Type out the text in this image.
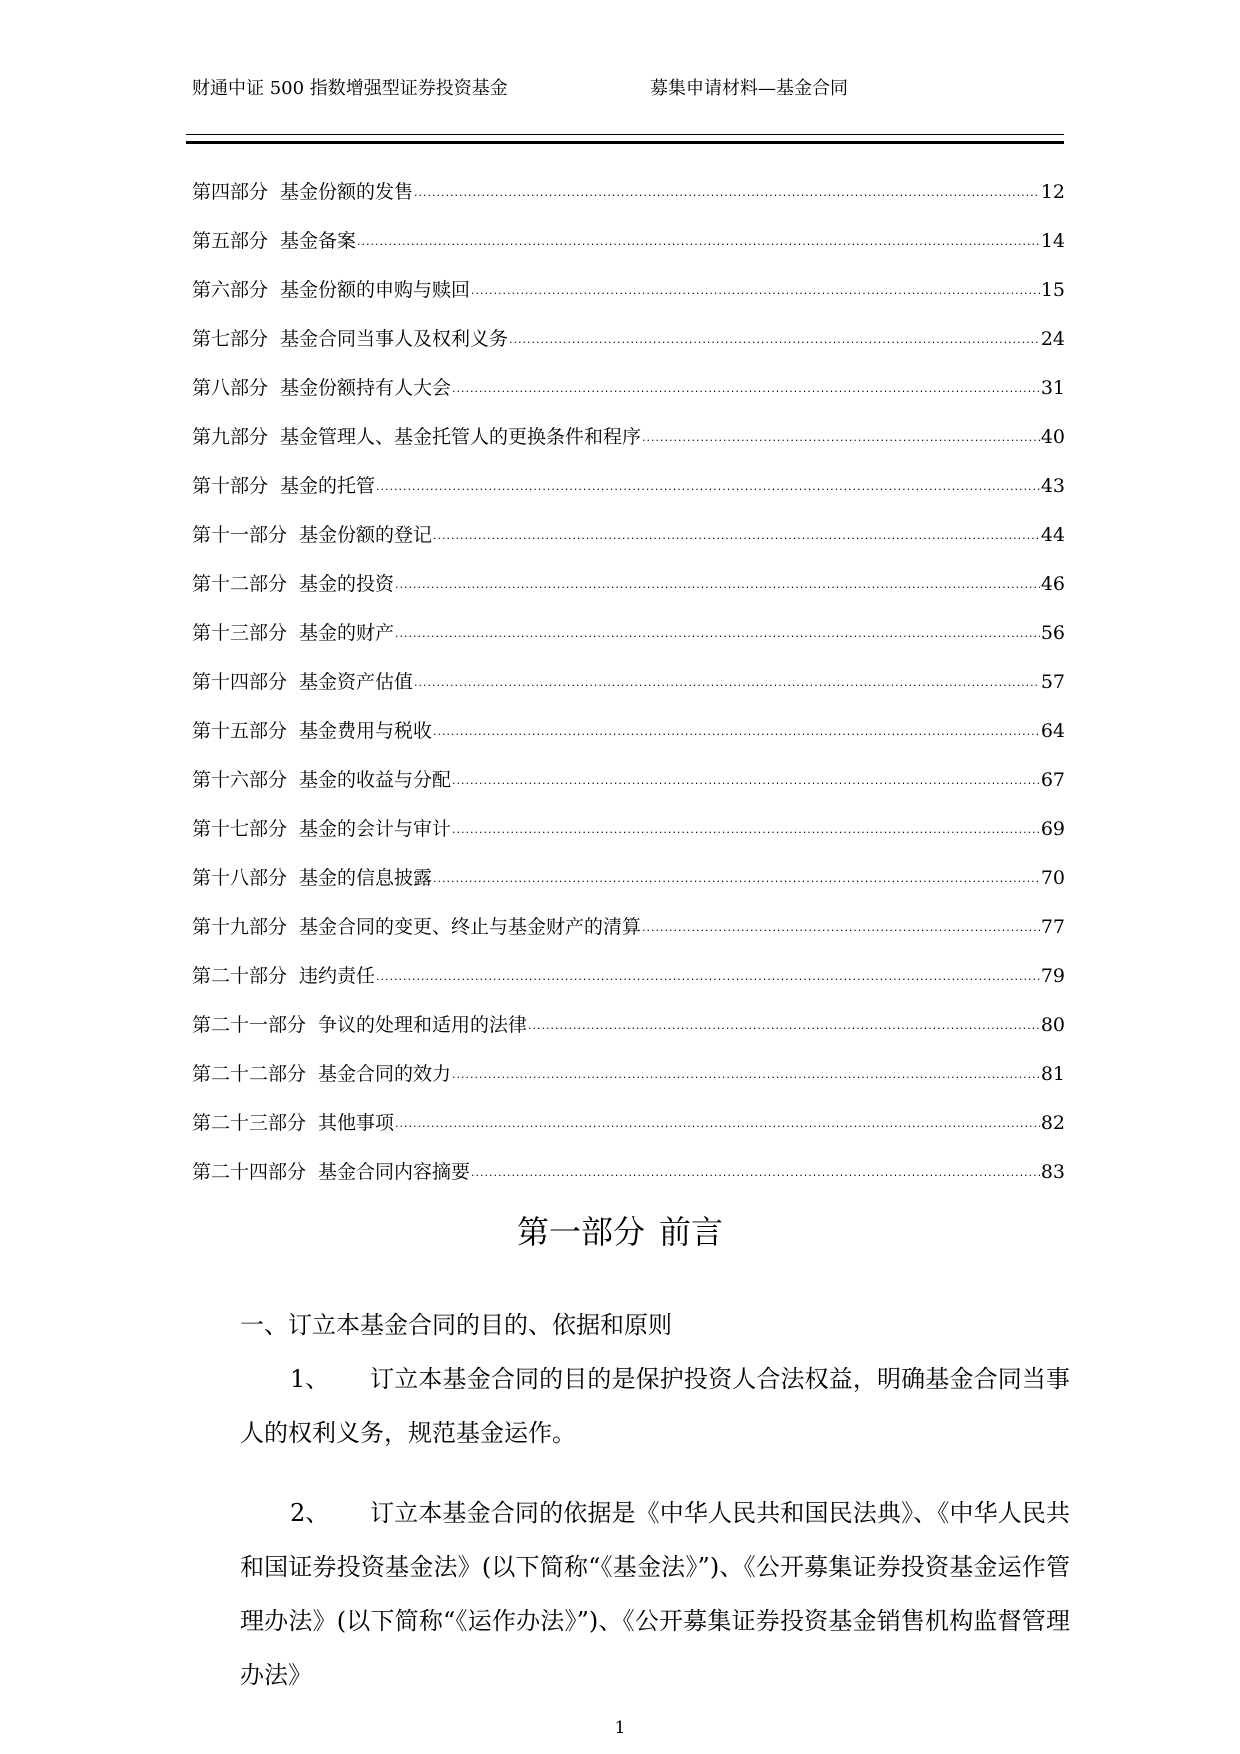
财通中证 500 指数增强型证券投资基金	募集申请材料—基金合同
第四部分 基金份额的发售 .....	12
第五部分 基金备案 .....	14
第六部分 基金份额的申购与赎回 .....	15
第七部分 基金合同当事人及权利义务 .....	24
第八部分 基金份额持有人大会 .....	31
第九部分 基金管理人、基金托管人的更换条件和程序 .....	40
第十部分 基金的托管 .....	43
第十一部分 基金份额的登记 .....	44
第十二部分 基金的投资 .....	46
第十三部分 基金的财产 .....	56
第十四部分 基金资产估值 .....	57
第十五部分 基金费用与税收 .....	64
第十六部分 基金的收益与分配 .....	67
第十七部分 基金的会计与审计 .....	69
第十八部分 基金的信息披露 .....	70
第十九部分 基金合同的变更、终止与基金财产的清算 .....	77
第二十部分 违约责任 .....	79
第二十一部分 争议的处理和适用的法律 .....	80
第二十二部分 基金合同的效力 .....	81
第二十三部分 其他事项 .....	82
第二十四部分 基金合同内容摘要 .....	83
第一部分 前言
一、订立本基金合同的目的、依据和原则
1、 订立本基金合同的目的是保护投资人合法权益，明确基金合同当事人的权利义务，规范基金运作。
2、 订立本基金合同的依据是《中华人民共和国民法典》、《中华人民共和国证券投资基金法》(以下简称“《基金法》”)、《公开募集证券投资基金运作管理办法》(以下简称“《运作办法》”)、《公开募集证券投资基金销售机构监督管理办法》
1
